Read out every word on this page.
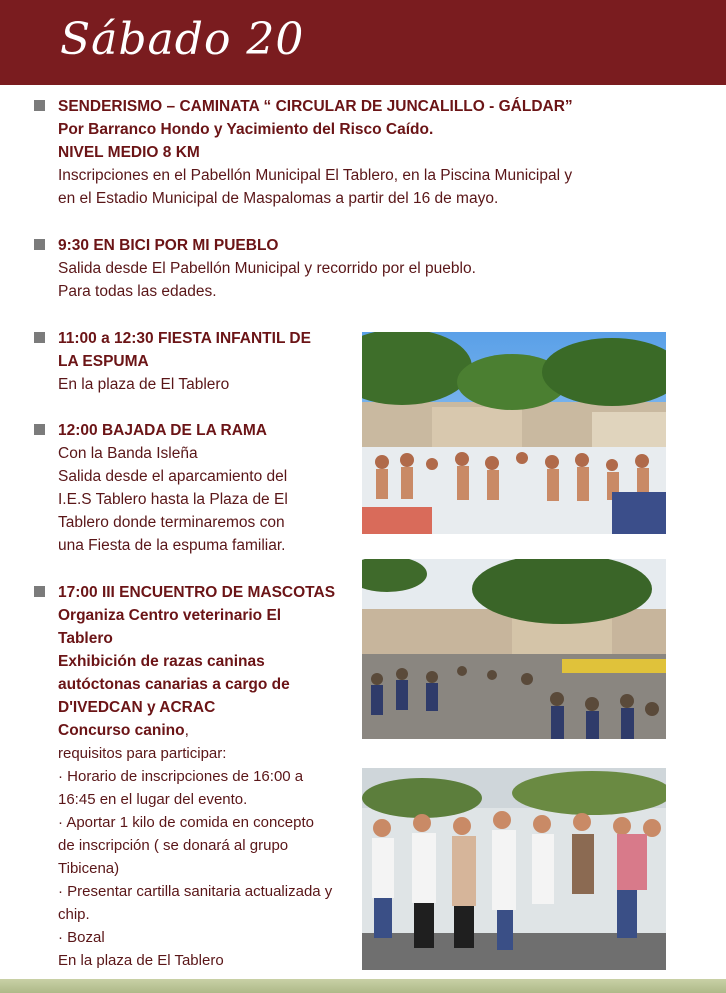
Sábado 20
SENDERISMO – CAMINATA “ CIRCULAR DE JUNCALILLO - GÁLDAR”
Por Barranco Hondo y Yacimiento del Risco Caído.
NIVEL MEDIO 8 KM
Inscripciones en el Pabellón Municipal El Tablero, en la Piscina Municipal y
en el Estadio Municipal de Maspalomas a partir del 16 de mayo.
9:30 EN BICI POR MI PUEBLO
Salida desde El Pabellón Municipal y recorrido por el pueblo.
Para todas las edades.
11:00 a 12:30 FIESTA INFANTIL DE
LA ESPUMA
En la plaza de El Tablero
12:00 BAJADA DE LA RAMA
Con la Banda Isleña
Salida desde el aparcamiento del
I.E.S Tablero hasta la Plaza de El
Tablero donde terminaremos con
una Fiesta de la espuma familiar.
17:00 III ENCUENTRO DE MASCOTAS
Organiza Centro veterinario El
Tablero
Exhibición de razas caninas
autóctonas canarias a cargo de
D'IVEDCAN y ACRAC
Concurso canino,
requisitos para participar:
· Horario de inscripciones de 16:00 a
16:45 en el lugar del evento.
· Aportar 1 kilo de comida en concepto
de inscripción ( se donará al grupo
Tibicena)
· Presentar cartilla sanitaria actualizada y
chip.
· Bozal
En la plaza de El Tablero
